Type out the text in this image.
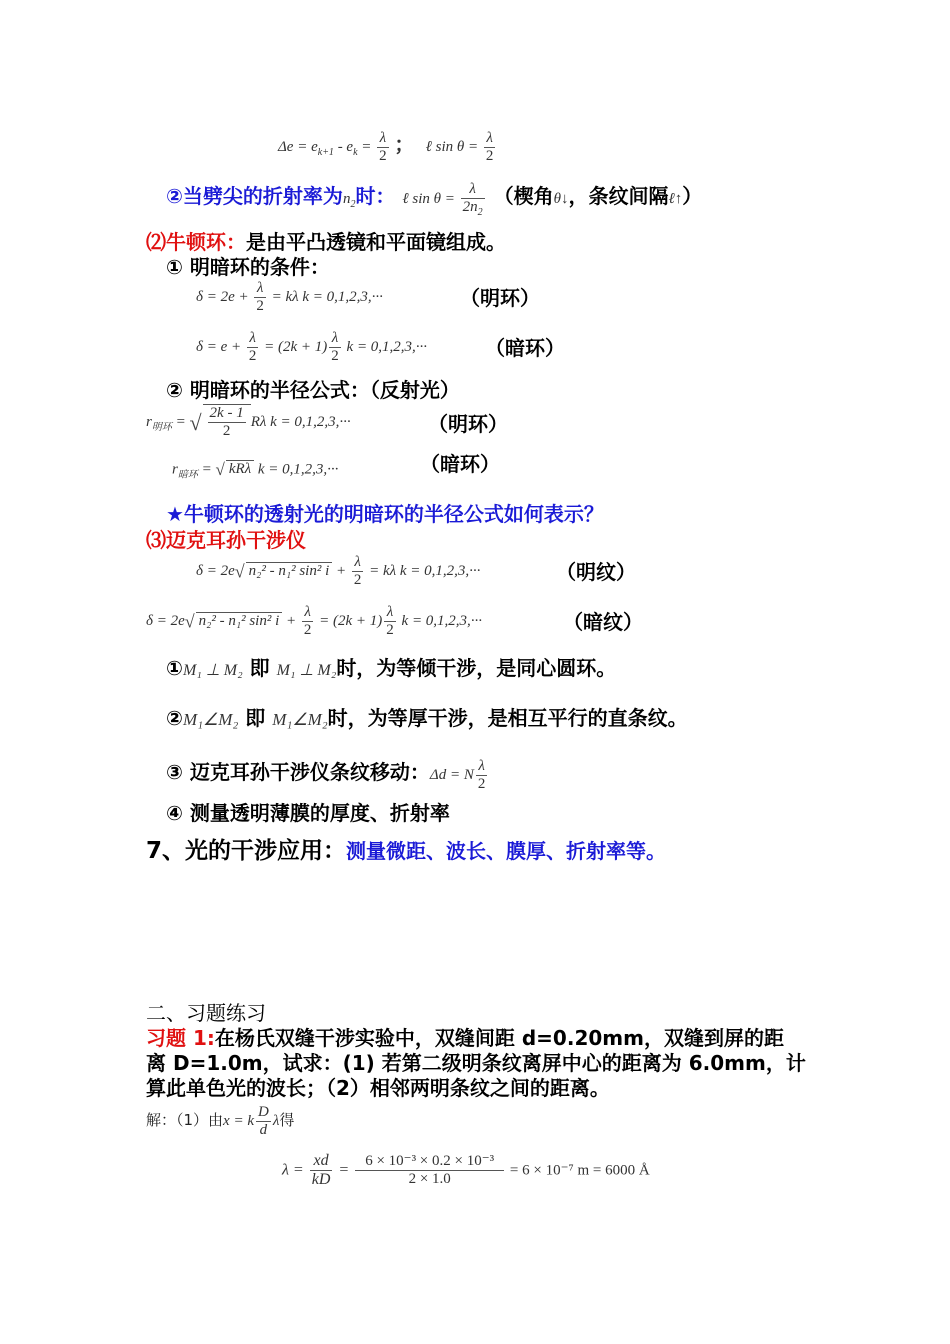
$\Delta e = e_{k+1} - e_k = \frac{\lambda}{2}$ ； ℓ $\sin \theta = \frac{\lambda}{2}$
②当劈尖的折射率为$n_2$时： ℓ $\sin \theta = \frac{\lambda}{2n_2}$ （楔角θ↓，条纹间隔ℓ↑）
⑵牛顿环：是由平凸透镜和平面镜组成。
① 明暗环的条件：
$\delta = 2e + \frac{\lambda}{2} = k\lambda$ k = 0,1,2,3,···	（明环）
$\delta = e + \frac{\lambda}{2} = (2k + 1) \frac{\lambda}{2}$ k = 0,1,2,3,···	（暗环）
② 明暗环的半径公式：（反射光）
$r_{明环}$ = √ $\frac{2k - 1}{2}$ Rλ k = 0,1,2,3,···	（明环）
$r_{暗环}$ = √ kRλ k = 0,1,2,3,···	（暗环）
★牛顿环的透射光的明暗环的半径公式如何表示？
⑶迈克耳孙干涉仪
δ = 2e√ n₂² - n₁² sin² $i + \frac{\lambda}{2} = k\lambda$ k = 0,1,2,3,···	（明纹）
δ = 2e√ n₂² - n₁² sin² $i + \frac{\lambda}{2} = (2k + 1) \frac{\lambda}{2}$ k = 0,1,2,3,···	（暗纹）
①M₁ ⊥ M₂ 即 M₁ ⊥ M₂时，为等倾干涉，是同心圆环。
②M₁∠M₂ 即 M₁∠M₂时，为等厚干涉，是相互平行的直条纹。
③ 迈克耳孙干涉仪条纹移动：Δd = N $\frac{\lambda}{2}$
④ 测量透明薄膜的厚度、折射率
7、光的干涉应用：测量微距、波长、膜厚、折射率等。
二、习题练习
习题 1:在杨氏双缝干涉实验中，双缝间距 d=0.20mm，双缝到屏的距
离 D=1.0m，试求：(1) 若第二级明条纹离屏中心的距离为 6.0mm，计
算此单色光的波长；（2）相邻两明条纹之间的距离。
解：（1）由x = k $\frac{D}{d}$ λ得
$\lambda = \frac{xd}{kD} = \frac{\text{6 × 10⁻³ × 0.2 × 10⁻³}}{2 \times 1.0} = 6 \times 10^{-7}$ m = 6000 Å
